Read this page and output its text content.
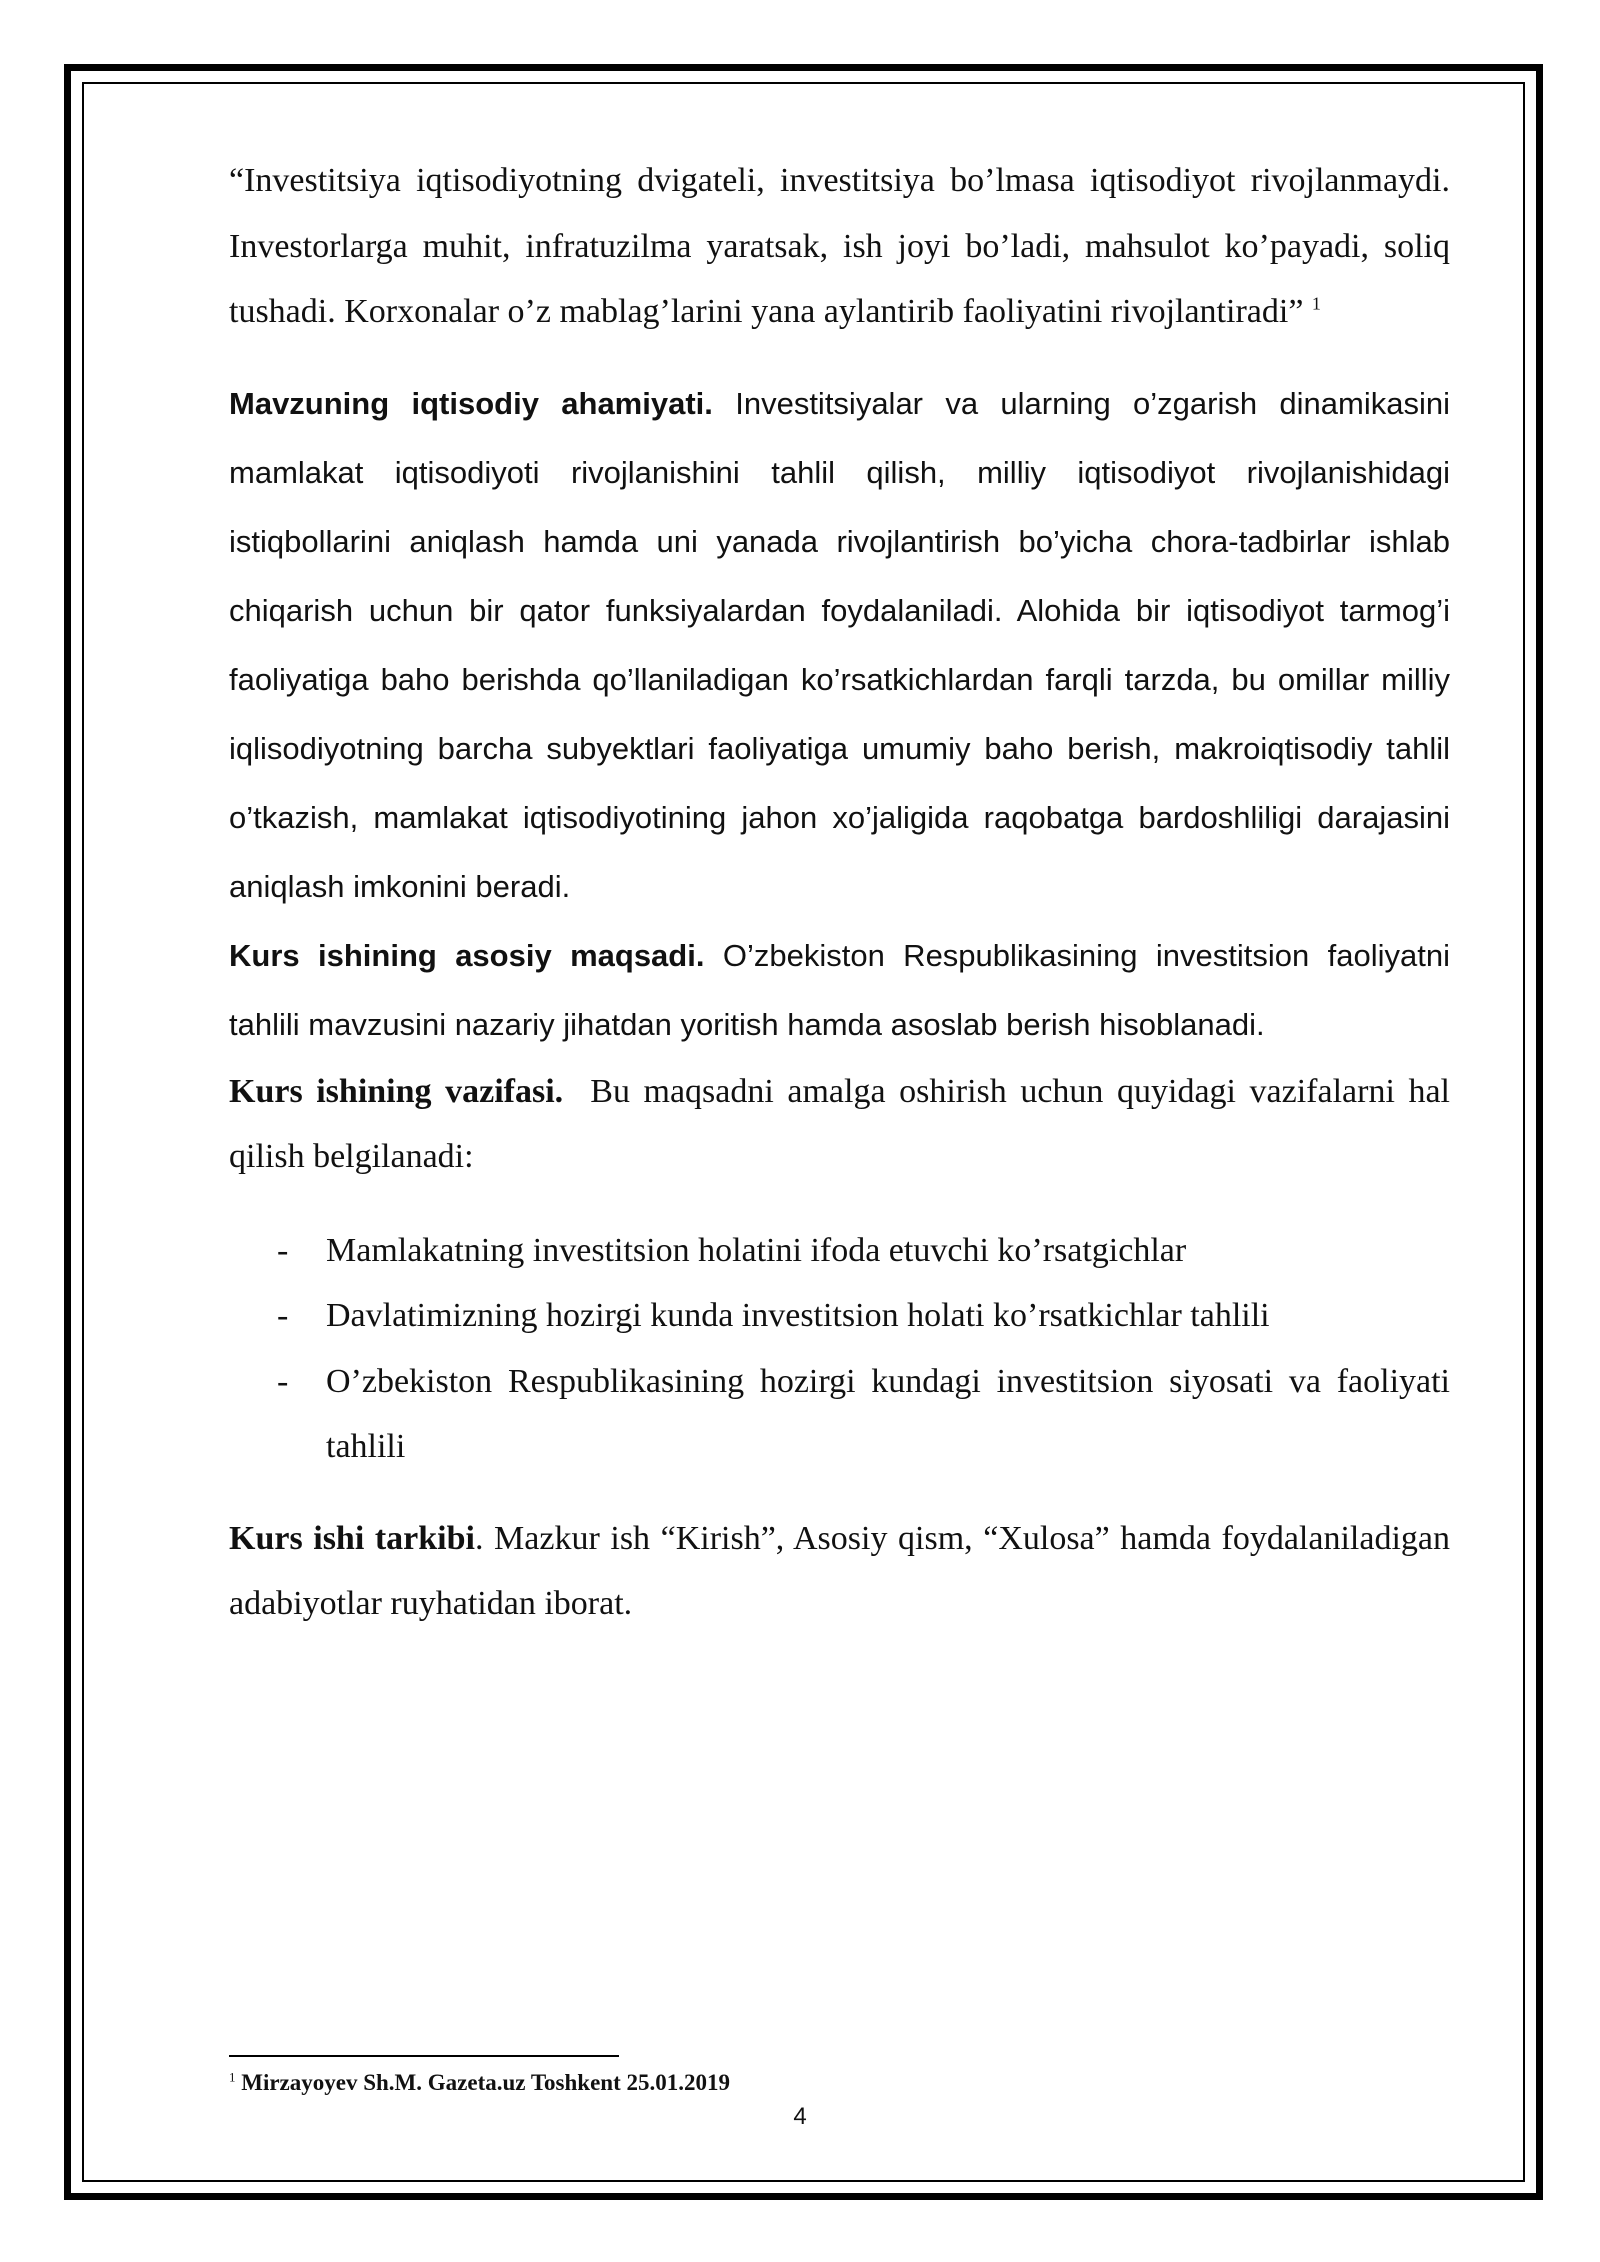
“Investitsiya iqtisodiyotning dvigateli, investitsiya bo’lmasa iqtisodiyot rivojlanmaydi. Investorlarga muhit, infratuzilma yaratsak, ish joyi bo’ladi, mahsulot ko’payadi, soliq tushadi. Korxonalar o’z mablag’larini yana aylantirib faoliyatini rivojlantiradi” $^1$

Mavzuning iqtisodiy ahamiyati. Investitsiyalar va ularning o’zgarish dinamikasini mamlakat iqtisodiyoti rivojlanishini tahlil qilish, milliy iqtisodiyot rivojlanishidagi istiqbollarini aniqlash hamda uni yanada rivojlantirish bo’yicha chora-tadbirlar ishlab chiqarish uchun bir qator funksiyalardan foydalaniladi. Alohida bir iqtisodiyot tarmog’i faoliyatiga baho berishda qo’llaniladigan ko’rsatkichlardan farqli tarzda, bu omillar milliy iqlisodiyotning barcha subyektlari faoliyatiga umumiy baho berish, makroiqtisodiy tahlil o’tkazish, mamlakat iqtisodiyotining jahon xo’jaligida raqobatga bardoshliligi darajasini aniqlash imkonini beradi.

Kurs ishining asosiy maqsadi. O’zbekiston Respublikasining investitsion faoliyatni tahlili mavzusini nazariy jihatdan yoritish hamda asoslab berish hisoblanadi.

Kurs ishining vazifasi. Bu maqsadni amalga oshirish uchun quyidagi vazifalarni hal qilish belgilanadi:

- Mamlakatning investitsion holatini ifoda etuvchi ko’rsatgichlar
- Davlatimizning hozirgi kunda investitsion holati ko’rsatkichlar tahlili
- O’zbekiston Respublikasining hozirgi kundagi investitsion siyosati va faoliyati tahlili

Kurs ishi tarkibi. Mazkur ish “Kirish”, Asosiy qism, “Xulosa” hamda foydalaniladigan adabiyotlar ruyhatidan iborat.

$^1$ Mirzayoyev Sh.M. Gazeta.uz Toshkent 25.01.2019
4
